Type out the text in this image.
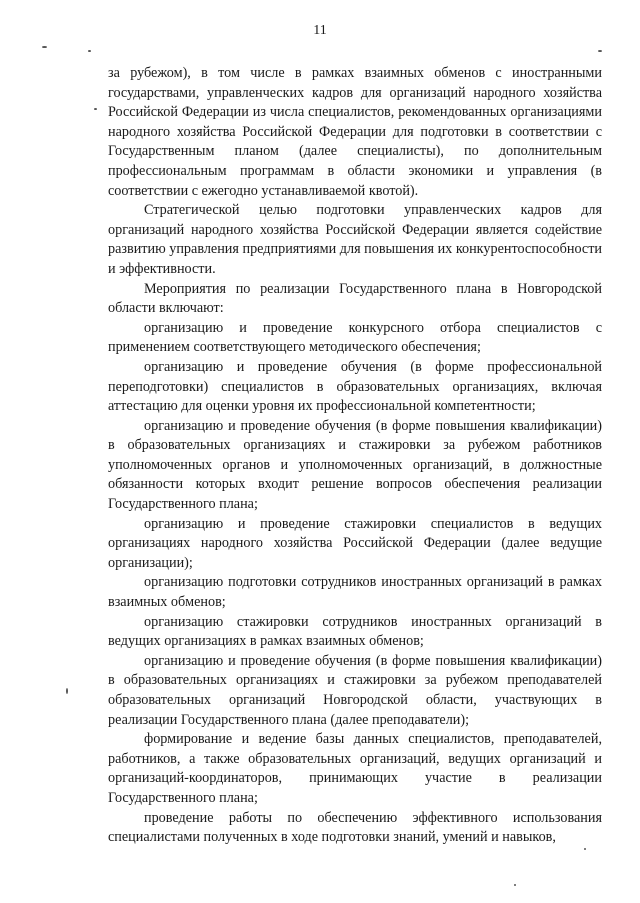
11

за рубежом), в том числе в рамках взаимных обменов с иностранными государствами, управленческих кадров для организаций народного хозяйства Российской Федерации из числа специалистов, рекомендованных организациями народного хозяйства Российской Федерации для подготовки в соответствии с Государственным планом (далее специалисты), по дополнительным профессиональным программам в области экономики и управления (в соответствии с ежегодно устанавливаемой квотой).

Стратегической целью подготовки управленческих кадров для организаций народного хозяйства Российской Федерации является содействие развитию управления предприятиями для повышения их конкурентоспособности и эффективности.

Мероприятия по реализации Государственного плана в Новгородской области включают:

организацию и проведение конкурсного отбора специалистов с применением соответствующего методического обеспечения;

организацию и проведение обучения (в форме профессиональной переподготовки) специалистов в образовательных организациях, включая аттестацию для оценки уровня их профессиональной компетентности;

организацию и проведение обучения (в форме повышения квалификации) в образовательных организациях и стажировки за рубежом работников уполномоченных органов и уполномоченных организаций, в должностные обязанности которых входит решение вопросов обеспечения реализации Государственного плана;

организацию и проведение стажировки специалистов в ведущих организациях народного хозяйства Российской Федерации (далее ведущие организации);

организацию подготовки сотрудников иностранных организаций в рамках взаимных обменов;

организацию стажировки сотрудников иностранных организаций в ведущих организациях в рамках взаимных обменов;

организацию и проведение обучения (в форме повышения квалификации) в образовательных организациях и стажировки за рубежом преподавателей образовательных организаций Новгородской области, участвующих в реализации Государственного плана (далее преподаватели);

формирование и ведение базы данных специалистов, преподавателей, работников, а также образовательных организаций, ведущих организаций и организаций-координаторов, принимающих участие в реализации Государственного плана;

проведение работы по обеспечению эффективного использования специалистами полученных в ходе подготовки знаний, умений и навыков,
